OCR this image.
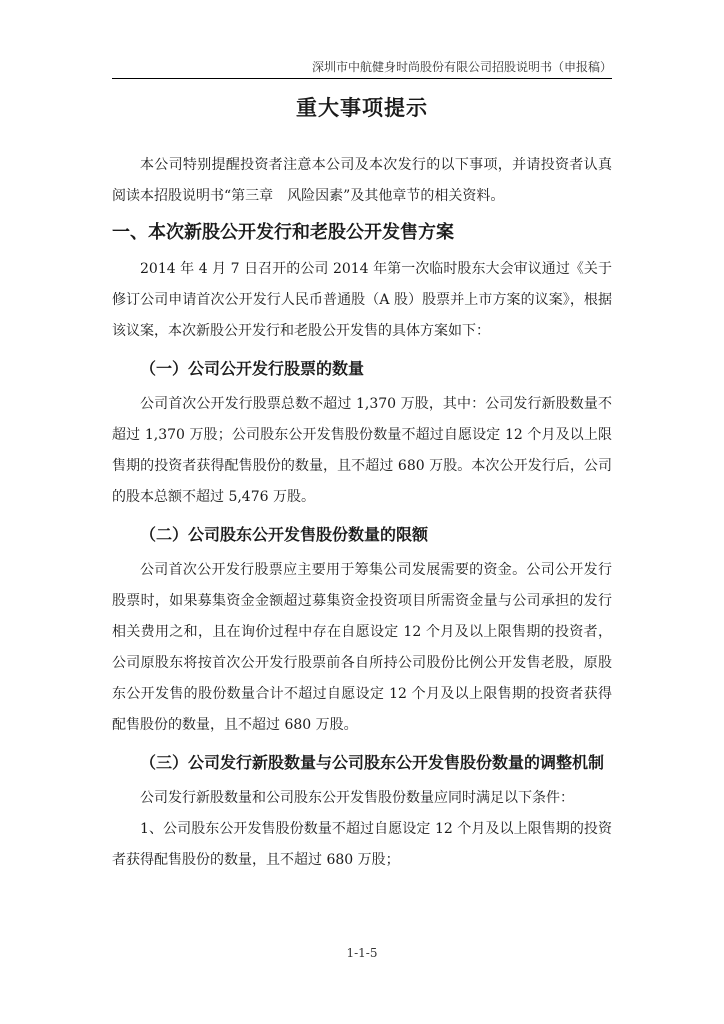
深圳市中航健身时尚股份有限公司招股说明书（申报稿）
重大事项提示

本公司特别提醒投资者注意本公司及本次发行的以下事项，并请投资者认真阅读本招股说明书“第三章　风险因素”及其他章节的相关资料。

一、本次新股公开发行和老股公开发售方案

2014 年 4 月 7 日召开的公司 2014 年第一次临时股东大会审议通过《关于修订公司申请首次公开发行人民币普通股（A 股）股票并上市方案的议案》，根据该议案，本次新股公开发行和老股公开发售的具体方案如下：

（一）公司公开发行股票的数量

公司首次公开发行股票总数不超过 1,370 万股，其中：公司发行新股数量不超过 1,370 万股；公司股东公开发售股份数量不超过自愿设定 12 个月及以上限售期的投资者获得配售股份的数量，且不超过 680 万股。本次公开发行后，公司的股本总额不超过 5,476 万股。

（二）公司股东公开发售股份数量的限额

公司首次公开发行股票应主要用于筹集公司发展需要的资金。公司公开发行股票时，如果募集资金金额超过募集资金投资项目所需资金量与公司承担的发行相关费用之和，且在询价过程中存在自愿设定 12 个月及以上限售期的投资者，公司原股东将按首次公开发行股票前各自所持公司股份比例公开发售老股，原股东公开发售的股份数量合计不超过自愿设定 12 个月及以上限售期的投资者获得配售股份的数量，且不超过 680 万股。

（三）公司发行新股数量与公司股东公开发售股份数量的调整机制

公司发行新股数量和公司股东公开发售股份数量应同时满足以下条件：

1、公司股东公开发售股份数量不超过自愿设定 12 个月及以上限售期的投资者获得配售股份的数量，且不超过 680 万股；

1-1-5
